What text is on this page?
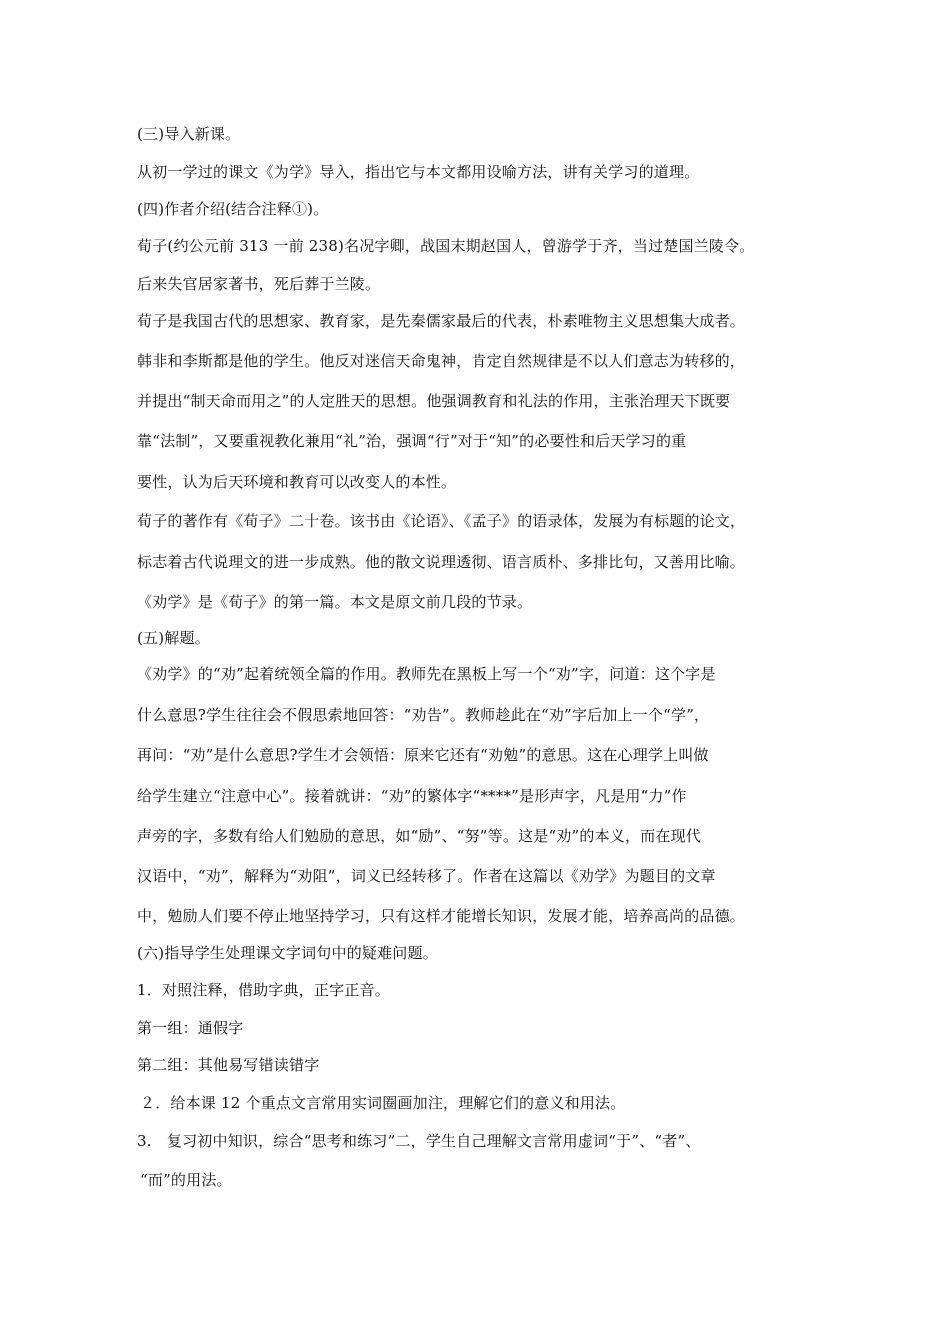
(三)导入新课。

从初一学过的课文《为学》导入，指出它与本文都用设喻方法，讲有关学习的道理。

(四)作者介绍(结合注释①)。

荀子(约公元前 313 一前 238)名况字卿，战国末期赵国人，曾游学于齐，当过楚国兰陵令。

后来失官居家著书，死后葬于兰陵。

荀子是我国古代的思想家、教育家，是先秦儒家最后的代表，朴素唯物主义思想集大成者。

韩非和李斯都是他的学生。他反对迷信天命鬼神，肯定自然规律是不以人们意志为转移的，

并提出“制天命而用之”的人定胜天的思想。他强调教育和礼法的作用，主张治理天下既要

靠“法制”，又要重视教化兼用“礼”治，强调“行”对于“知”的必要性和后天学习的重

要性，认为后天环境和教育可以改变人的本性。

荀子的著作有《荀子》二十卷。该书由《论语》、《孟子》的语录体，发展为有标题的论文，

标志着古代说理文的进一步成熟。他的散文说理透彻、语言质朴、多排比句，又善用比喻。

《劝学》是《荀子》的第一篇。本文是原文前几段的节录。

(五)解题。

《劝学》的“劝”起着统领全篇的作用。教师先在黑板上写一个“劝”字，问道：这个字是

什么意思?学生往往会不假思索地回答：“劝告”。教师趁此在“劝”字后加上一个“学”，

再问：“劝”是什么意思?学生才会领悟：原来它还有“劝勉”的意思。这在心理学上叫做

给学生建立“注意中心”。接着就讲：“劝”的繁体字“****”是形声字，凡是用“力”作

声旁的字，多数有给人们勉励的意思，如“励”、“努”等。这是“劝”的本义，而在现代

汉语中，“劝”，解释为“劝阻”，词义已经转移了。作者在这篇以《劝学》为题目的文章

中，勉励人们要不停止地坚持学习，只有这样才能增长知识，发展才能，培养高尚的品德。

(六)指导学生处理课文字词句中的疑难问题。

1．对照注释，借助字典，正字正音。

第一组：通假字

第二组：其他易写错读错字

２．给本课 12 个重点文言常用实词圈画加注，理解它们的意义和用法。

3.　复习初中知识，综合“思考和练习”二，学生自己理解文言常用虚词“于”、“者”、

“而”的用法。
